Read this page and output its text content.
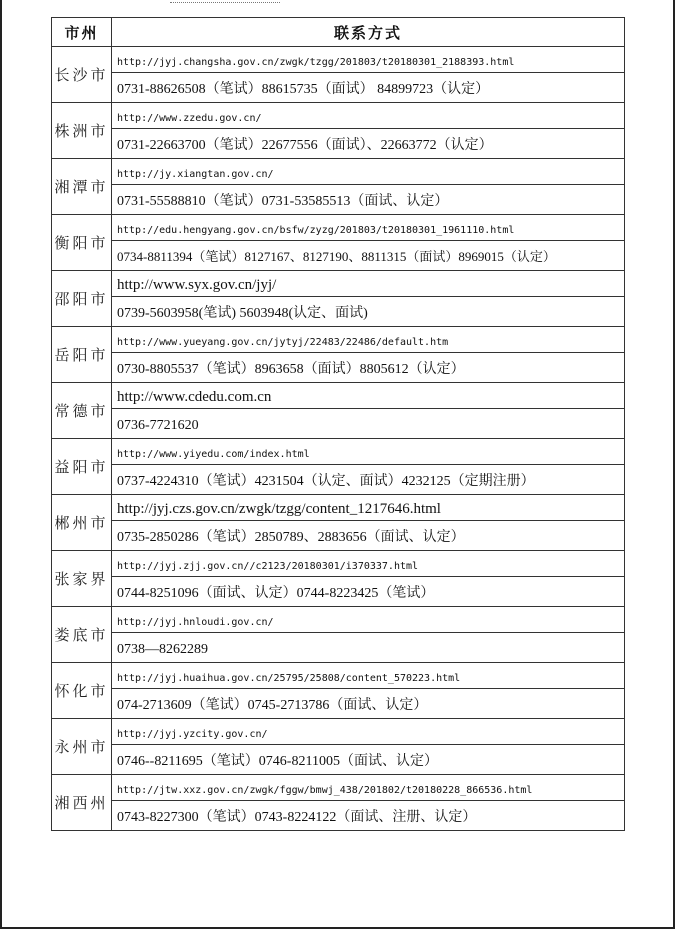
市州	联系方式
长沙市	http://jyj.changsha.gov.cn/zwgk/tzgg/201803/t20180301_2188393.html
	0731-88626508（笔试）88615735（面试） 84899723（认定）
株洲市	http://www.zzedu.gov.cn/
	0731-22663700（笔试）22677556（面试）、22663772（认定）
湘潭市	http://jy.xiangtan.gov.cn/
	0731-55588810（笔试）0731-53585513（面试、认定）
衡阳市	http://edu.hengyang.gov.cn/bsfw/zyzg/201803/t20180301_1961110.html
	0734-8811394（笔试）8127167、8127190、8811315（面试）8969015（认定）
邵阳市	http://www.syx.gov.cn/jyj/
	0739-5603958(笔试) 5603948(认定、面试)
岳阳市	http://www.yueyang.gov.cn/jytyj/22483/22486/default.htm
	0730-8805537（笔试）8963658（面试）8805612（认定）
常德市	http://www.cdedu.com.cn
	0736-7721620
益阳市	http://www.yiyedu.com/index.html
	0737-4224310（笔试）4231504（认定、面试）4232125（定期注册）
郴州市	http://jyj.czs.gov.cn/zwgk/tzgg/content_1217646.html
	0735-2850286（笔试）2850789、2883656（面试、认定）
张家界	http://jyj.zjj.gov.cn//c2123/20180301/i370337.html
	0744-8251096（面试、认定）0744-8223425（笔试）
娄底市	http://jyj.hnloudi.gov.cn/
	0738—8262289
怀化市	http://jyj.huaihua.gov.cn/25795/25808/content_570223.html
	074-2713609（笔试）0745-2713786（面试、认定）
永州市	http://jyj.yzcity.gov.cn/
	0746--8211695（笔试）0746-8211005（面试、认定）
湘西州	http://jtw.xxz.gov.cn/zwgk/fggw/bmwj_438/201802/t20180228_866536.html
	0743-8227300（笔试）0743-8224122（面试、注册、认定）
